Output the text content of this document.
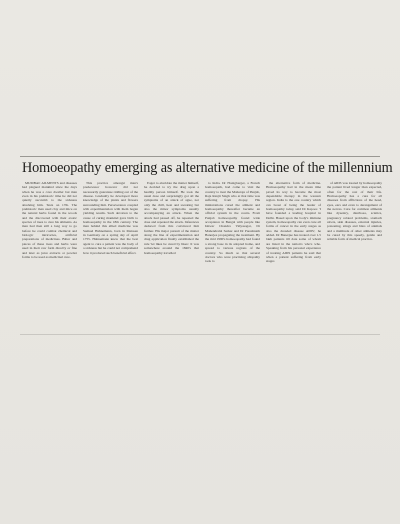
Homoeopathy emerging as alternative medicine of the millennium

MUMBAI: AILMENTS and diseases had plagued mankind since the days when he was a cave dweller but man even in his prehistoric time he did not quietly succumb to the sickness attacking him. Tests on 17th. The prehistoric man used clay and mice on the natural herbs found in the woods and the discovered with their exotic species of trees to cure his ailments. As man had then still a long way to go before he could combat chemical and biologic intricacies, artificial preparations of medicines. Bitter and pieces of these trees and herbs were used in their raw form directly or fine and later as juice extracts or powder forms to be used as medicinal cure.

This practice amongst man's predecessor however did not necessarily guarantee ridding out of the disease. Gradually he developed more knowledge of the plants and flowers surrounding him. Perseverance coupled with experimentation with them began yielding results. Such devotion to the cause of curing mankind gave birth to homoeopathy in the 18th century. The man behind this allied medicine was Samuel Hahnemann, born in Meissen in Germany on a spring day of April 1755. Hahnemann knew that the best agent to cure a patient was the body of a sickness but he could not comprehend how it produced such beneficial effect.

Eager to elucidate the matter himself, he decided to try the drug upon a healthy person himself. He took the usual dose and surprisingly got all the symptoms of an attack of ague, not only the chill, heat and sweating but also the minor symptoms usually accompanying an attack. When the attack had passed off, he repeated the dose and repeated the attack. Inferences deduced from this convinced him further. His major pursuit of the matter along the line of experimentation and drug application finally established the rule 'let likes be cured by likes'. It was somewhere around the 1840's that homoeopathy travelled

to India. Dr Honigberger, a French homoeopath, had come to visit the country to treat the Maharaja of Punjab, Raja Ranjit Singh who at that time was suffering from dropsy. His ministrations cured the ailment and homoeopathy thereafter became an official system in the courts. From Punjab homoeopathy found wide acceptance in Bengal with people like Ishwar Chandra Vidyasagar, Dr Mahendralal Sarkar and Dr Pareshnath Banerjee propagating the treatment. By the mid 1990's homoeopathy had found a strong base in its adopted home, and spread to various regions of the country. So much so that several doctors who were practising allopathy took to

the alternative form of medicine. Homoeopathy had in the mean time paved its way to become the most dependable therapy in the western region. India is the one country which can boast of being the leader of homoeopathy today, said Dr Kapoor. 'I have founded a leading hospital in Delhi. Based upon the body's immune system, homoeopathy can even cure all forms of cancer in the early stages as also the dreaded disease AIDS', he added. Dr Banerjee has treated over 1.5 lakh patients till date some of whom are listed in the nation's who's who. Speaking from his personal experience of treating AIDS patients he said that when a patient suffering from early stages

of AIDS was treated by homoeopathy the patient lived longer than expected, often for the rest of their life. Homoeopathy has a cure for all diseases from afflictions of the head, eyes, ears and even to derangement of the nerves. Cure for common ailments like dysentry, diarrhoea, sciatica, pregnancy related problems, stomach ulcers, skin diseases, external injuries, poisoning, stings and bites of animals and a multitude of other ailments may be cured by this speedy, gentle and reliable form of medical practice.
